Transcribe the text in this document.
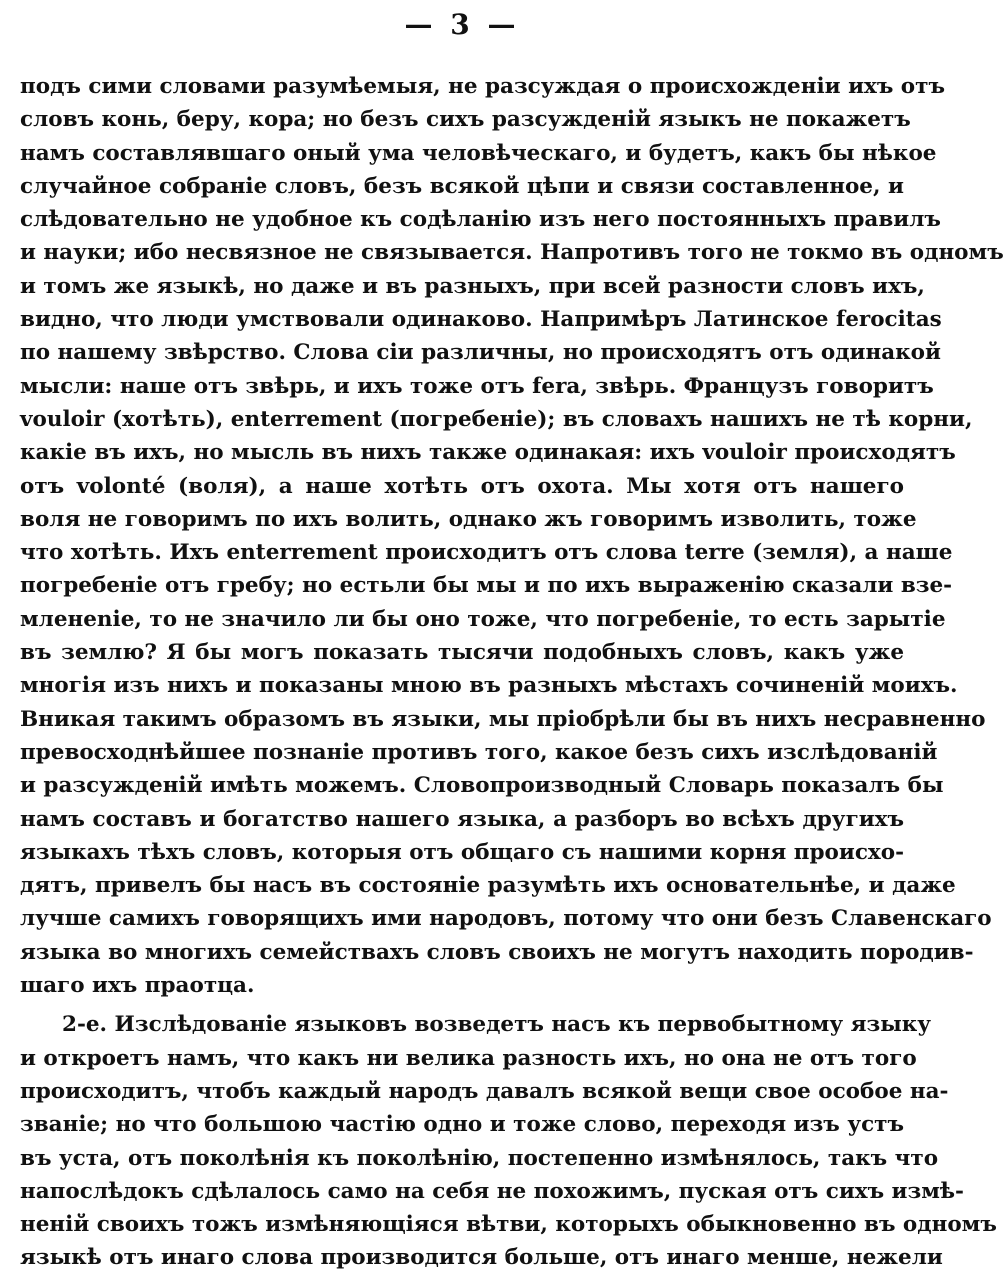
— 3 —
подъ сими словами разумѣемыя, не разсуждая о происхожденіи ихъ отъ
словъ конь, беру, кора; но безъ сихъ разсужденій языкъ не покажетъ
намъ составлявшаго оный ума человѣческаго, и будетъ, какъ бы нѣкое
случайное собраніе словъ, безъ всякой цѣпи и связи составленное, и
слѣдовательно не удобное къ содѣланію изъ него постоянныхъ правилъ
и науки; ибо несвязное не связывается. Напротивъ того не токмо въ одномъ
и томъ же языкѣ, но даже и въ разныхъ, при всей разности словъ ихъ,
видно, что люди умствовали одинаково. Напримѣръ Латинское ferocitas
по нашему звѣрство. Слова сіи различны, но происходятъ отъ одинакой
мысли: наше отъ звѣрь, и ихъ тоже отъ fera, звѣрь. Французъ говоритъ
vouloir (хотѣть), enterrement (погребеніе); въ словахъ нашихъ не тѣ корни,
какіе въ ихъ, но мысль въ нихъ также одинакая: ихъ vouloir происходятъ
отъ volonté (воля), а наше хотѣть отъ охота. Мы хотя отъ нашего
воля не говоримъ по ихъ волить, однако жъ говоримъ изволить, тоже
что хотѣть. Ихъ enterrement происходитъ отъ слова terre (земля), а наше
погребеніе отъ гребу; но естьли бы мы и по ихъ выраженію сказали взе-
мленеnie, то не значило ли бы оно тоже, что погребеніе, то есть зарытіе
въ землю? Я бы могъ показать тысячи подобныхъ словъ, какъ уже
многія изъ нихъ и показаны мною въ разныхъ мѣстахъ сочиненій моихъ.
Вникая такимъ образомъ въ языки, мы пріобрѣли бы въ нихъ несравненно
превосходнѣйшее познаніе противъ того, какое безъ сихъ изслѣдованій
и разсужденій имѣть можемъ. Словопроизводный Словарь показалъ бы
намъ составъ и богатство нашего языка, а разборъ во всѣхъ другихъ
языкахъ тѣхъ словъ, которыя отъ общаго съ нашими корня происхо-
дятъ, привелъ бы насъ въ состояніе разумѣть ихъ основательнѣе, и даже
лучше самихъ говорящихъ ими народовъ, потому что они безъ Славенскаго
языка во многихъ семействахъ словъ своихъ не могутъ находить породив-
шаго ихъ праотца.
2-е. Изслѣдованіе языковъ возведетъ насъ къ первобытному языку
и откроетъ намъ, что какъ ни велика разность ихъ, но она не отъ того
происходитъ, чтобъ каждый народъ давалъ всякой вещи свое особое на-
званіе; но что большою частію одно и тоже слово, переходя изъ устъ
въ уста, отъ поколѣнія къ поколѣнію, постепенно измѣнялось, такъ что
напослѣдокъ сдѣлалось само на себя не похожимъ, пуская отъ сихъ измѣ-
неній своихъ тожъ измѣняющіяся вѣтви, которыхъ обыкновенно въ одномъ
языкѣ отъ инаго слова производится больше, отъ инаго менше, нежели
